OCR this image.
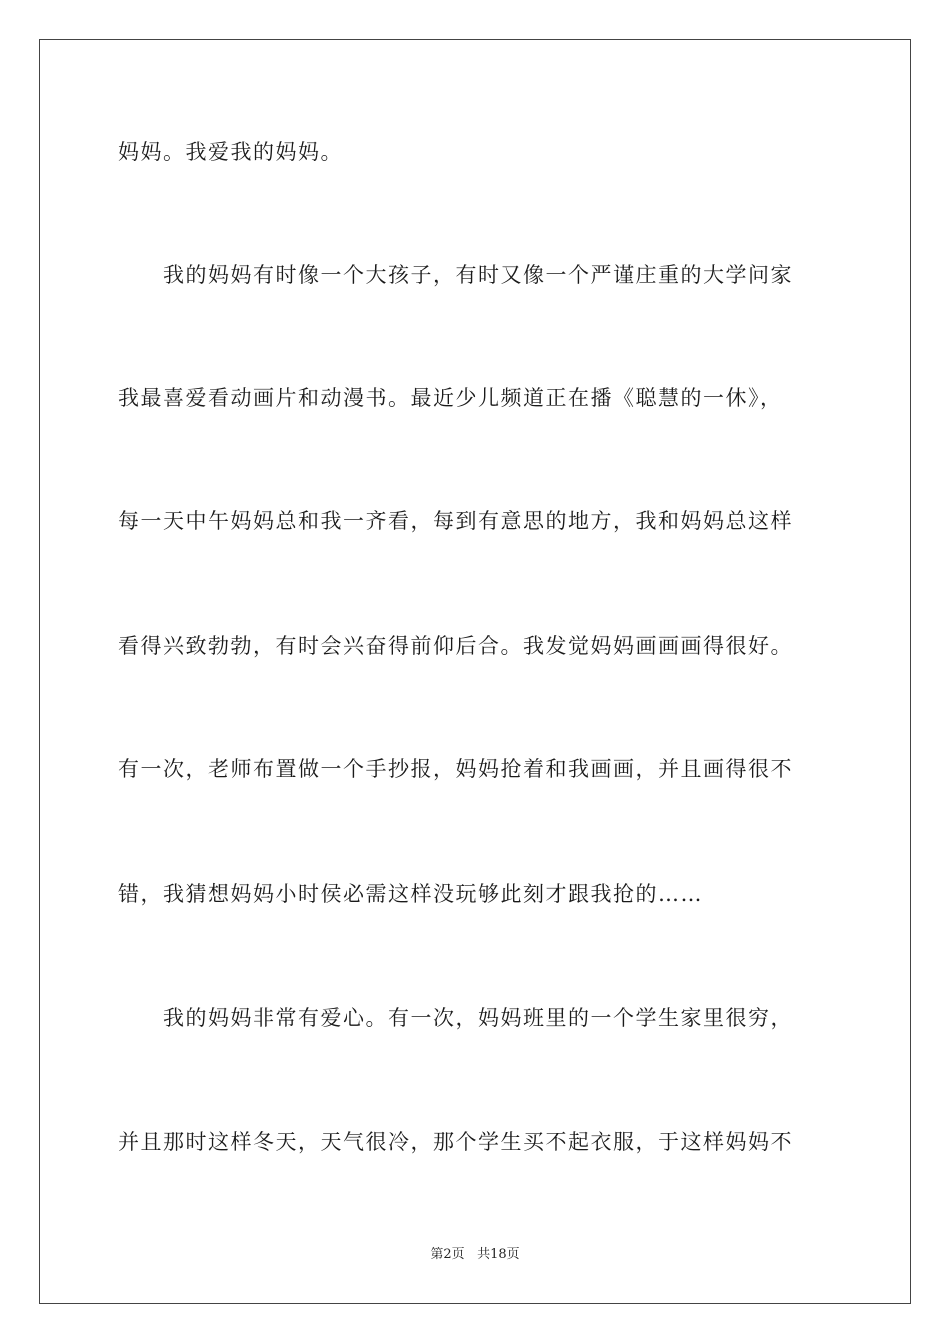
妈妈。我爱我的妈妈。
我的妈妈有时像一个大孩子，有时又像一个严谨庄重的大学问家
我最喜爱看动画片和动漫书。最近少儿频道正在播《聪慧的一休》，
每一天中午妈妈总和我一齐看，每到有意思的地方，我和妈妈总这样
看得兴致勃勃，有时会兴奋得前仰后合。我发觉妈妈画画画得很好。
有一次，老师布置做一个手抄报，妈妈抢着和我画画，并且画得很不
错，我猜想妈妈小时侯必需这样没玩够此刻才跟我抢的……
我的妈妈非常有爱心。有一次，妈妈班里的一个学生家里很穷，
并且那时这样冬天，天气很冷，那个学生买不起衣服，于这样妈妈不
第2页 共18页
